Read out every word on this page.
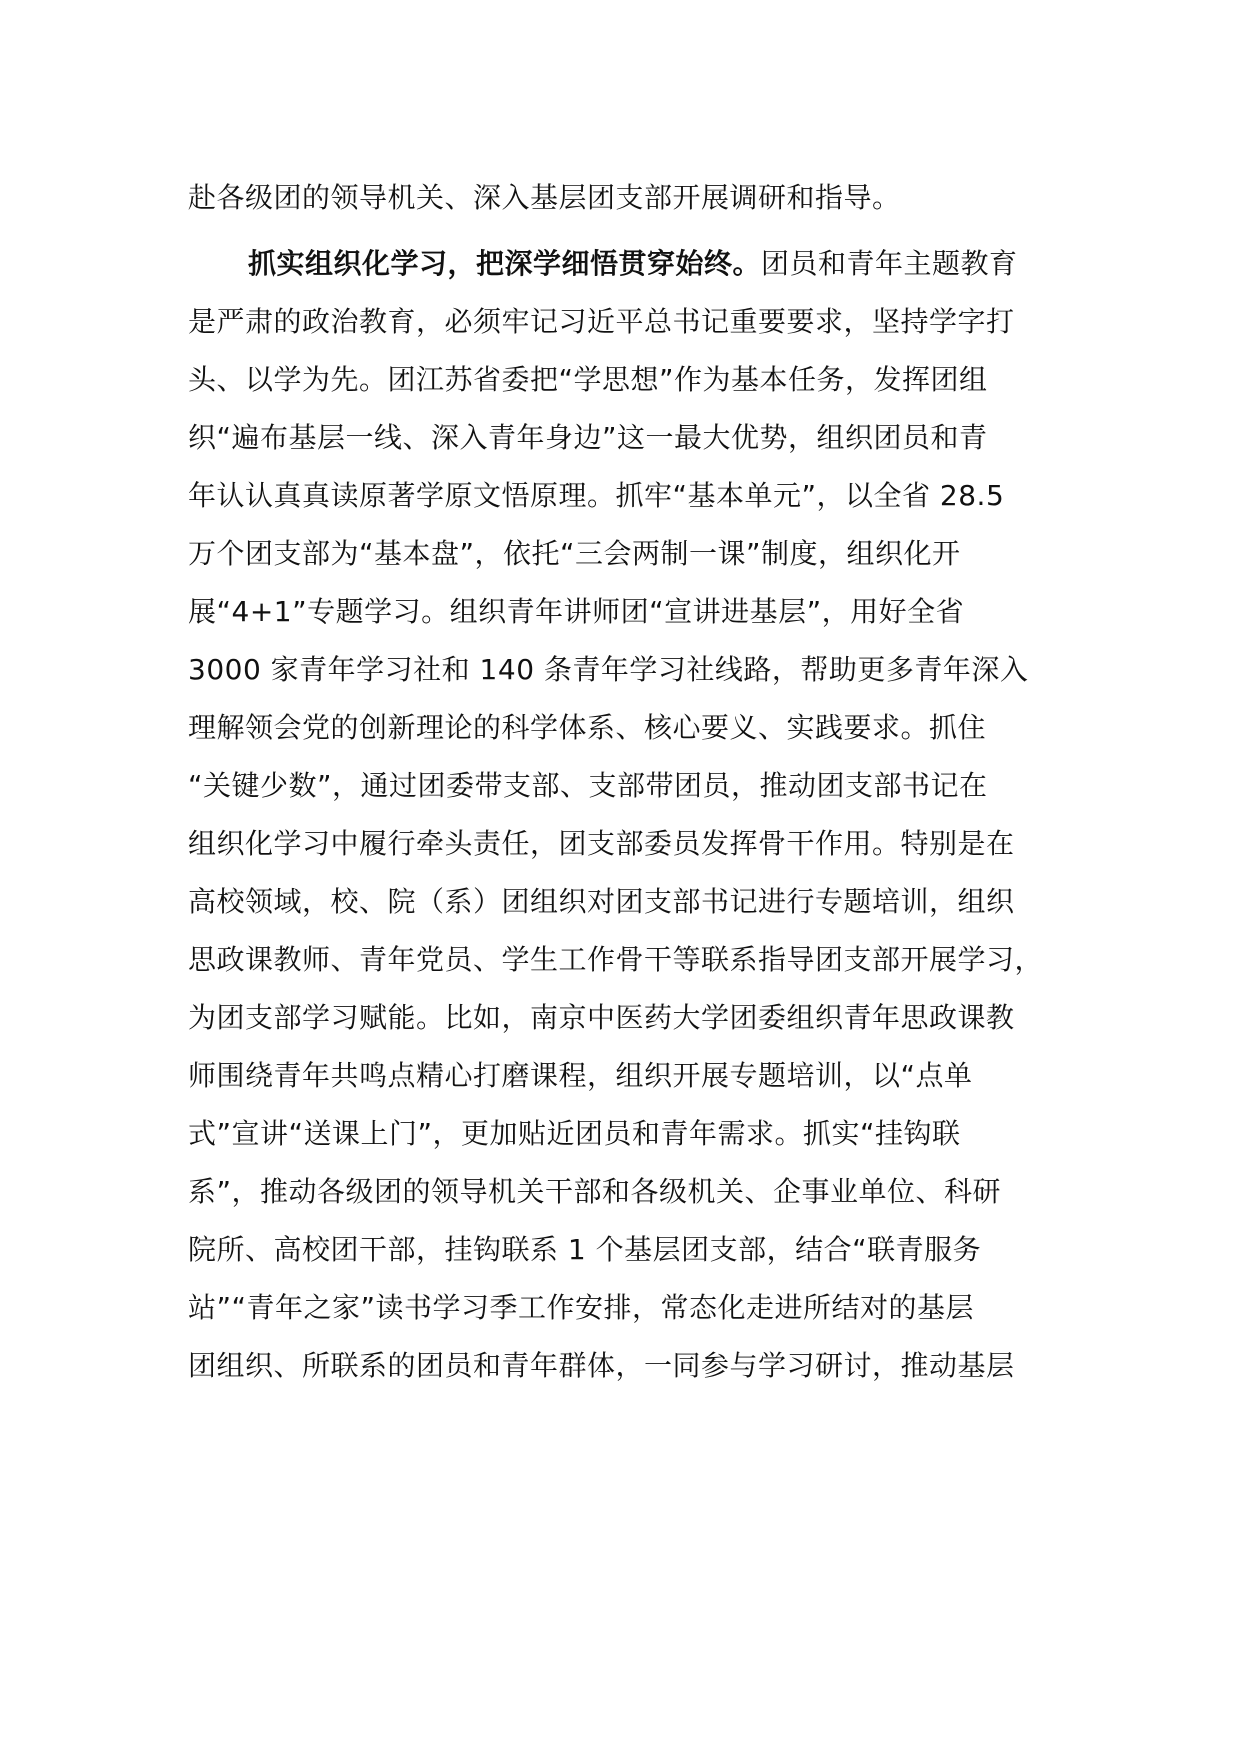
赴各级团的领导机关、深入基层团支部开展调研和指导。
抓实组织化学习，把深学细悟贯穿始终。团员和青年主题教育
是严肃的政治教育，必须牢记习近平总书记重要要求，坚持学字打
头、以学为先。团江苏省委把“学思想”作为基本任务，发挥团组
织“遍布基层一线、深入青年身边”这一最大优势，组织团员和青
年认认真真读原著学原文悟原理。抓牢“基本单元”，以全省 28.5
万个团支部为“基本盘”，依托“三会两制一课”制度，组织化开
展“4+1”专题学习。组织青年讲师团“宣讲进基层”，用好全省
3000 家青年学习社和 140 条青年学习社线路，帮助更多青年深入
理解领会党的创新理论的科学体系、核心要义、实践要求。抓住
“关键少数”，通过团委带支部、支部带团员，推动团支部书记在
组织化学习中履行牵头责任，团支部委员发挥骨干作用。特别是在
高校领域，校、院（系）团组织对团支部书记进行专题培训，组织
思政课教师、青年党员、学生工作骨干等联系指导团支部开展学习，
为团支部学习赋能。比如，南京中医药大学团委组织青年思政课教
师围绕青年共鸣点精心打磨课程，组织开展专题培训，以“点单
式”宣讲“送课上门”，更加贴近团员和青年需求。抓实“挂钩联
系”，推动各级团的领导机关干部和各级机关、企事业单位、科研
院所、高校团干部，挂钩联系 1 个基层团支部，结合“联青服务
站”“青年之家”读书学习季工作安排，常态化走进所结对的基层
团组织、所联系的团员和青年群体，一同参与学习研讨，推动基层
